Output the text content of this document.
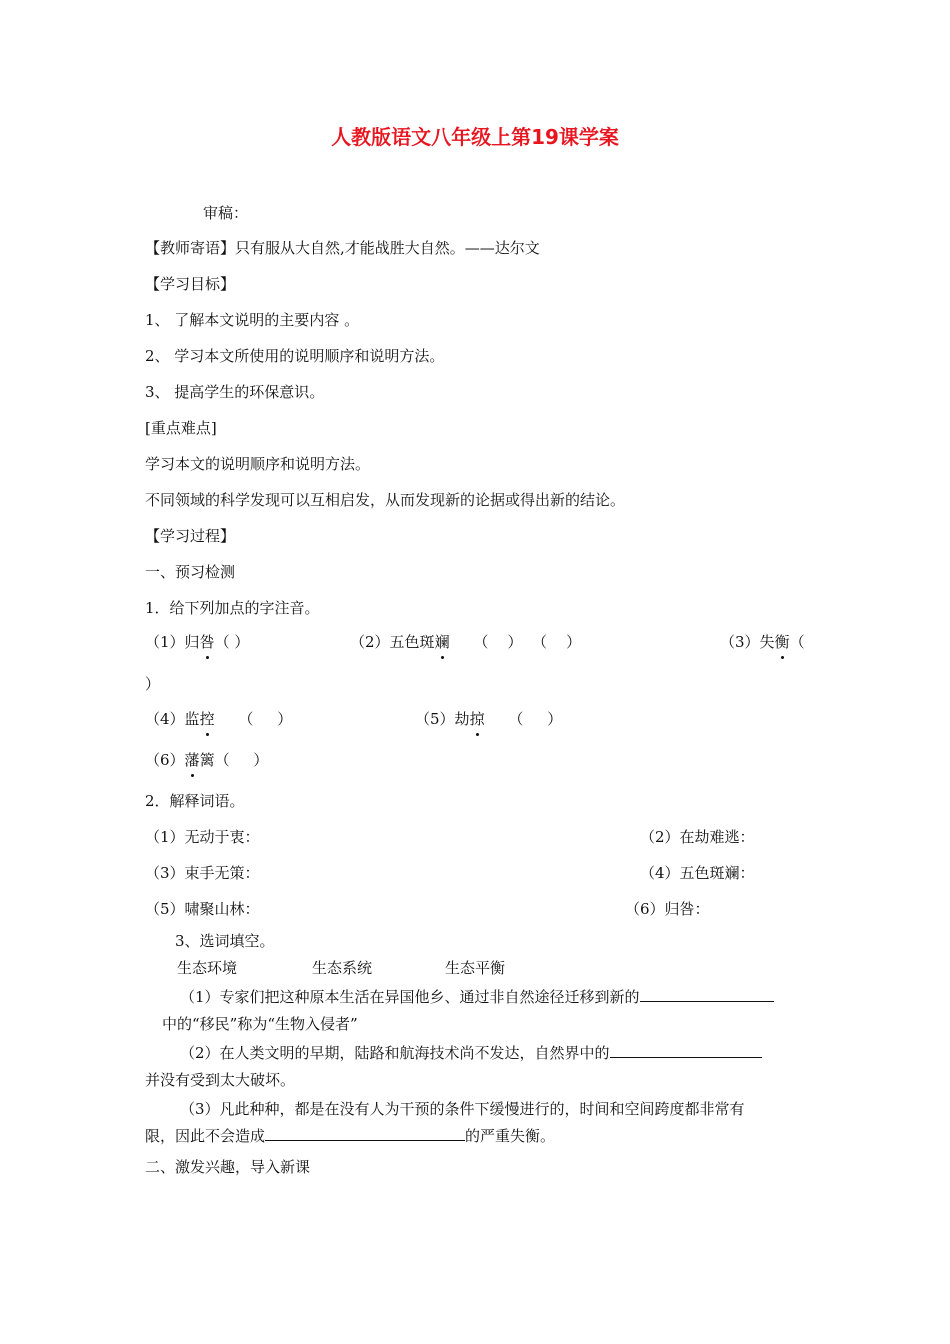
人教版语文八年级上第19课学案
审稿：
【教师寄语】只有服从大自然,才能战胜大自然。——达尔文
【学习目标】
1、 了解本文说明的主要内容 。
2、 学习本文所使用的说明顺序和说明方法。
3、 提高学生的环保意识。
[重点难点]
学习本文的说明顺序和说明方法。
不同领域的科学发现可以互相启发，从而发现新的论据或得出新的结论。
【学习过程】
一、预习检测
1．给下列加点的字注音。
（1）归咎（ ）	（2）五色斑斓     （    ）  （    ）	（3）失衡（
）
（4）监控     （     ）	（5）劫掠     （     ）
（6）藩篱（     ）
2．解释词语。
（1）无动于衷：	（2）在劫难逃：
（3）束手无策：	（4）五色斑斓：
（5）啸聚山林：	（6）归咎：
3、选词填空。
生态环境	生态系统	生态平衡
（1）专家们把这种原本生活在异国他乡、通过非自然途径迁移到新的
中的“移民”称为“生物入侵者”
（2）在人类文明的早期，陆路和航海技术尚不发达，自然界中的
并没有受到太大破坏。
（3）凡此种种，都是在没有人为干预的条件下缓慢进行的，时间和空间跨度都非常有
限，因此不会造成	的严重失衡。
二、激发兴趣，导入新课
